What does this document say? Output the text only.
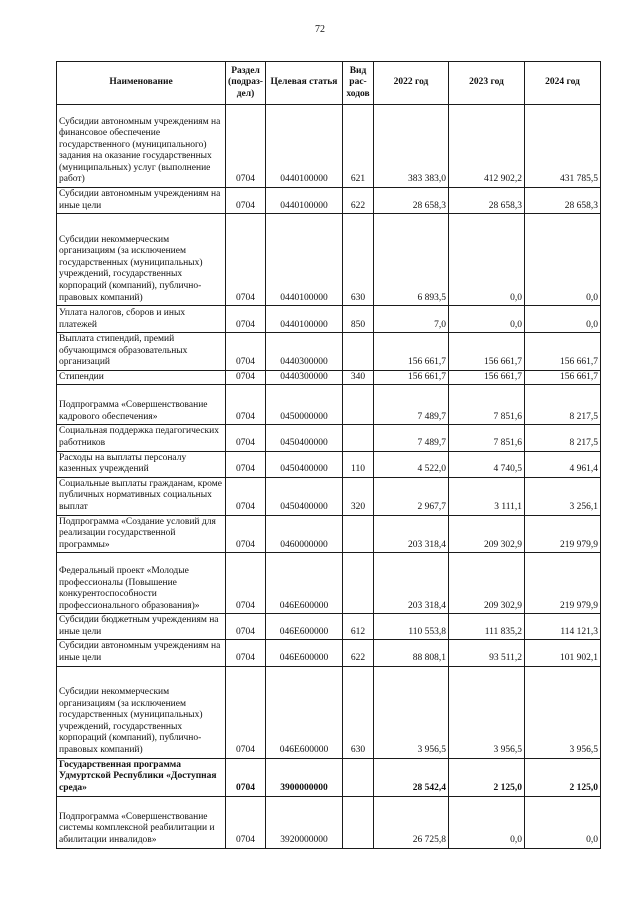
72
Наименование	Раздел (подраз-дел)	Целевая статья	Вид рас-ходов	2022 год	2023 год	2024 год
Субсидии автономным учреждениям на финансовое обеспечение государственного (муниципального) задания на оказание государственных (муниципальных) услуг (выполнение работ)	0704	0440100000	621	383 383,0	412 902,2	431 785,5
Субсидии автономным учреждениям на иные цели	0704	0440100000	622	28 658,3	28 658,3	28 658,3
Субсидии некоммерческим организациям (за исключением государственных (муниципальных) учреждений, государственных корпораций (компаний), публично-правовых компаний)	0704	0440100000	630	6 893,5	0,0	0,0
Уплата налогов, сборов и иных платежей	0704	0440100000	850	7,0	0,0	0,0
Выплата стипендий, премий обучающимся образовательных организаций	0704	0440300000		156 661,7	156 661,7	156 661,7
Стипендии	0704	0440300000	340	156 661,7	156 661,7	156 661,7
Подпрограмма «Совершенствование кадрового обеспечения»	0704	0450000000		7 489,7	7 851,6	8 217,5
Социальная поддержка педагогических работников	0704	0450400000		7 489,7	7 851,6	8 217,5
Расходы на выплаты персоналу казенных учреждений	0704	0450400000	110	4 522,0	4 740,5	4 961,4
Социальные выплаты гражданам, кроме публичных нормативных социальных выплат	0704	0450400000	320	2 967,7	3 111,1	3 256,1
Подпрограмма «Создание условий для реализации государственной программы»	0704	0460000000		203 318,4	209 302,9	219 979,9
Федеральный проект «Молодые профессионалы (Повышение конкурентоспособности профессионального образования)»	0704	046E600000		203 318,4	209 302,9	219 979,9
Субсидии бюджетным учреждениям на иные цели	0704	046E600000	612	110 553,8	111 835,2	114 121,3
Субсидии автономным учреждениям на иные цели	0704	046E600000	622	88 808,1	93 511,2	101 902,1
Субсидии некоммерческим организациям (за исключением государственных (муниципальных) учреждений, государственных корпораций (компаний), публично-правовых компаний)	0704	046E600000	630	3 956,5	3 956,5	3 956,5
Государственная программа Удмуртской Республики «Доступная среда»	0704	3900000000		28 542,4	2 125,0	2 125,0
Подпрограмма «Совершенствование системы комплексной реабилитации и абилитации инвалидов»	0704	3920000000		26 725,8	0,0	0,0
